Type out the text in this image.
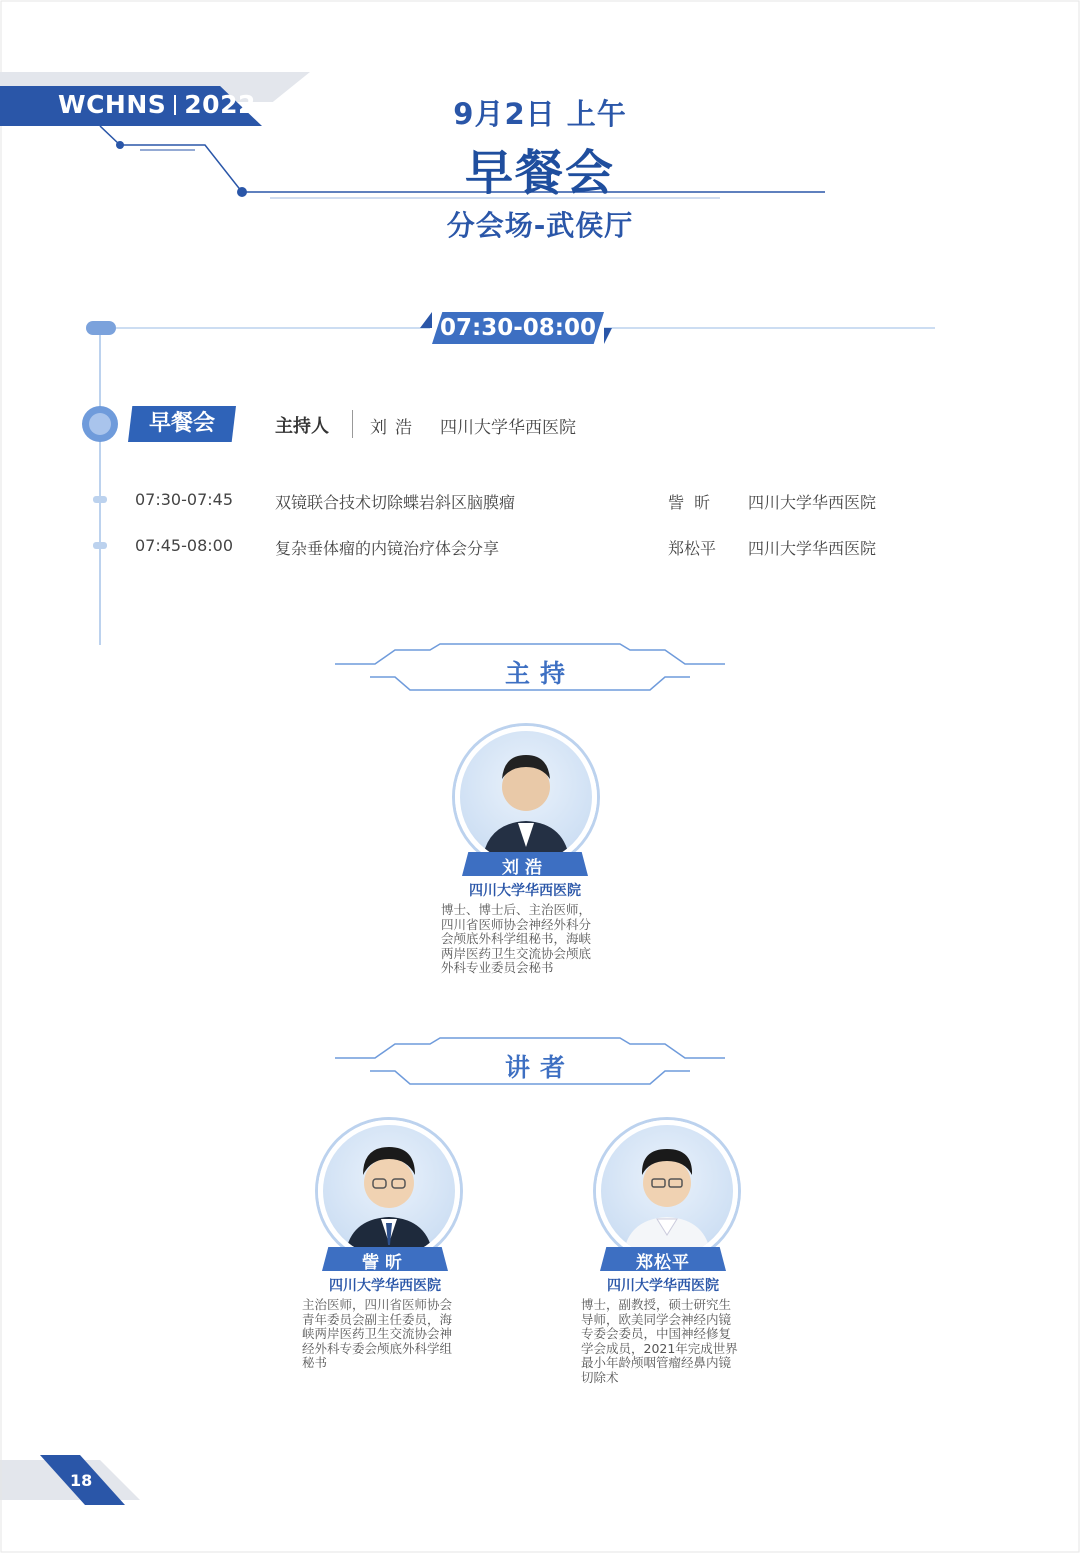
WCHNS 2022	9月2日 上午
早餐会
分会场-武侯厅
07:30-08:00
早餐会	主持人 刘浩 四川大学华西医院
07:30-07:45	双镜联合技术切除蝶岩斜区脑膜瘤	訾  昕 四川大学华西医院
07:45-08:00	复杂垂体瘤的内镜治疗体会分享	郑松平 四川大学华西医院
主持
刘浩
四川大学华西医院
博士、博士后、主治医师，
四川省医师协会神经外科分
会颅底外科学组秘书，海峡
两岸医药卫生交流协会颅底
外科专业委员会秘书
讲者
訾昕
四川大学华西医院
主治医师，四川省医师协会
青年委员会副主任委员，海
峡两岸医药卫生交流协会神
经外科专委会颅底外科学组
秘书
郑松平
四川大学华西医院
博士，副教授，硕士研究生
导师，欧美同学会神经内镜
专委会委员，中国神经修复
学会成员，2021年完成世界
最小年龄颅咽管瘤经鼻内镜
切除术
18
